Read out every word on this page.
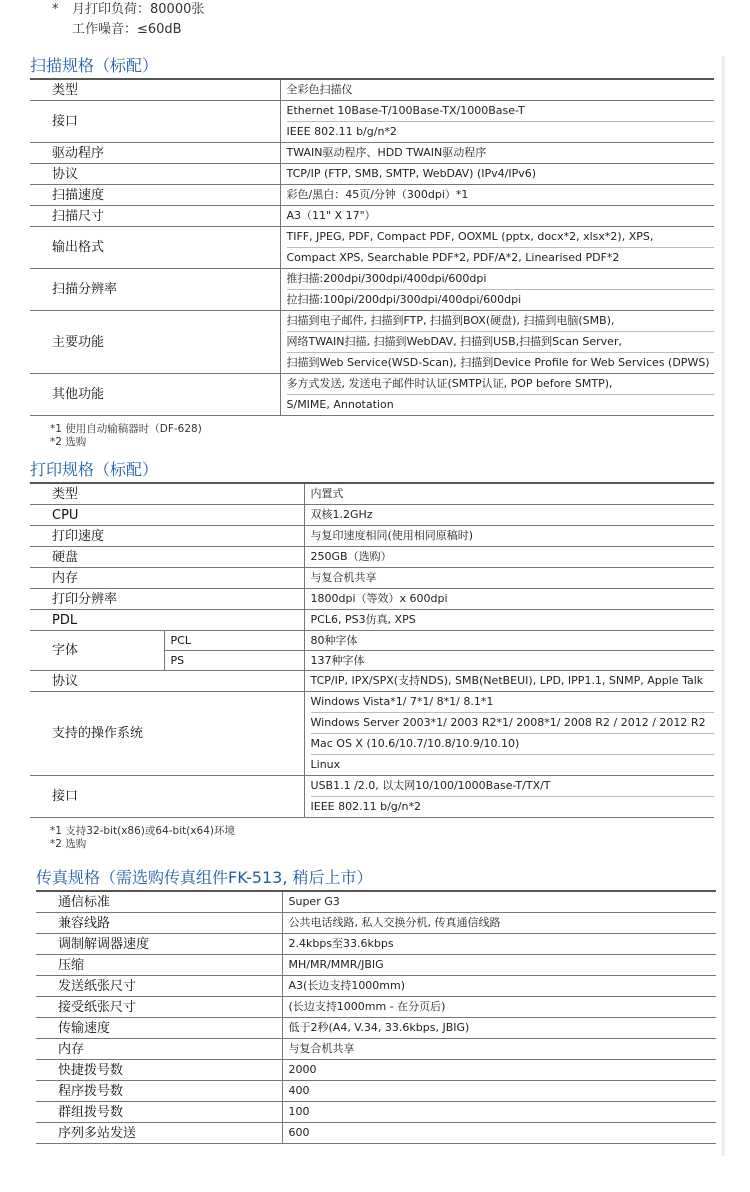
*	月打印负荷：80000张
工作噪音：≤60dB
扫描规格（标配）
类型	全彩色扫描仪

接口	Ethernet 10Base-T/100Base-TX/1000Base-T
IEEE 802.11 b/g/n*2

驱动程序	TWAIN驱动程序、HDD TWAIN驱动程序

协议	TCP/IP (FTP, SMB, SMTP, WebDAV) (IPv4/IPv6)

扫描速度	彩色/黑白：45页/分钟（300dpi）*1

扫描尺寸	A3（11" X 17"）

输出格式	TIFF, JPEG, PDF, Compact PDF, OOXML (pptx, docx*2, xlsx*2), XPS,
Compact XPS, Searchable PDF*2, PDF/A*2, Linearised PDF*2

扫描分辨率	推扫描:200dpi/300dpi/400dpi/600dpi
拉扫描:100pi/200dpi/300dpi/400dpi/600dpi

主要功能	扫描到电子邮件, 扫描到FTP, 扫描到BOX(硬盘), 扫描到电脑(SMB),
网络TWAIN扫描, 扫描到WebDAV, 扫描到USB,扫描到Scan Server,
扫描到Web Service(WSD-Scan), 扫描到Device Profile for Web Services (DPWS)

其他功能	多方式发送, 发送电子邮件时认证(SMTP认证, POP before SMTP),
S/MIME, Annotation
*1 使用自动输稿器时（DF-628)
*2 选购
打印规格（标配）
类型		内置式

CPU		双核1.2GHz

打印速度		与复印速度相同(使用相同原稿时)

硬盘		250GB（选购）

内存		与复合机共享

打印分辨率		1800dpi（等效）x 600dpi

PDL		PCL6, PS3仿真, XPS

字体	PCL	80种字体
	PS	137种字体
协议		TCP/IP, IPX/SPX(支持NDS), SMB(NetBEUI), LPD, IPP1.1, SNMP, Apple Talk

支持的操作系统		Windows Vista*1/ 7*1/ 8*1/ 8.1*1
Windows Server 2003*1/ 2003 R2*1/ 2008*1/ 2008 R2 / 2012 / 2012 R2
Mac OS X (10.6/10.7/10.8/10.9/10.10)
Linux

接口		USB1.1 /2.0, 以太网10/100/1000Base-T/TX/T
IEEE 802.11 b/g/n*2
*1 支持32-bit(x86)或64-bit(x64)环境
*2 选购
传真规格（需选购传真组件FK-513, 稍后上市）
通信标准	Super G3

兼容线路	公共电话线路, 私人交换分机, 传真通信线路

调制解调器速度	2.4kbps至33.6kbps

压缩	MH/MR/MMR/JBIG

发送纸张尺寸	A3(长边支持1000mm)

接受纸张尺寸	(长边支持1000mm - 在分页后)

传输速度	低于2秒(A4, V.34, 33.6kbps, JBIG)

内存	与复合机共享

快捷拨号数	2000

程序拨号数	400

群组拨号数	100

序列多站发送	600
